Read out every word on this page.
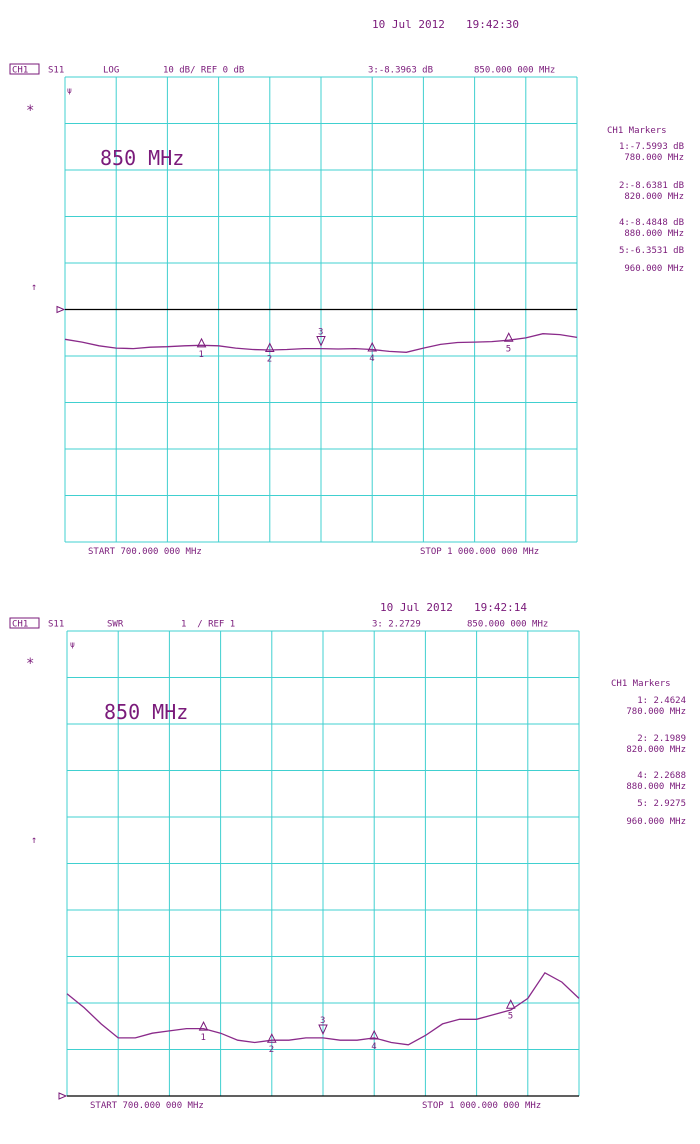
10 Jul 2012 19:42:30
CH1 S11	LOG	10 dB/ REF 0 dB	3:-8.3963 dB	850.000 000 MHz
*
↑
ψ
850 MHz
1	2
3
4
5
START 700.000 000 MHz	STOP 1 000.000 000 MHz
CH1 Markers
1:-7.5993 dB
780.000 MHz
2:-8.6381 dB
820.000 MHz
4:-8.4848 dB
880.000 MHz
5:-6.3531 dB
960.000 MHz
10 Jul 2012 19:42:14
CH1 S11	SWR	1  / REF 1	3: 2.2729	850.000 000 MHz
*
↑
ψ
850 MHz
1
2
3
4
5
START 700.000 000 MHz	STOP 1 000.000 000 MHz
CH1 Markers
1: 2.4624
780.000 MHz
2: 2.1989
820.000 MHz
4: 2.2688
880.000 MHz
5: 2.9275
960.000 MHz
